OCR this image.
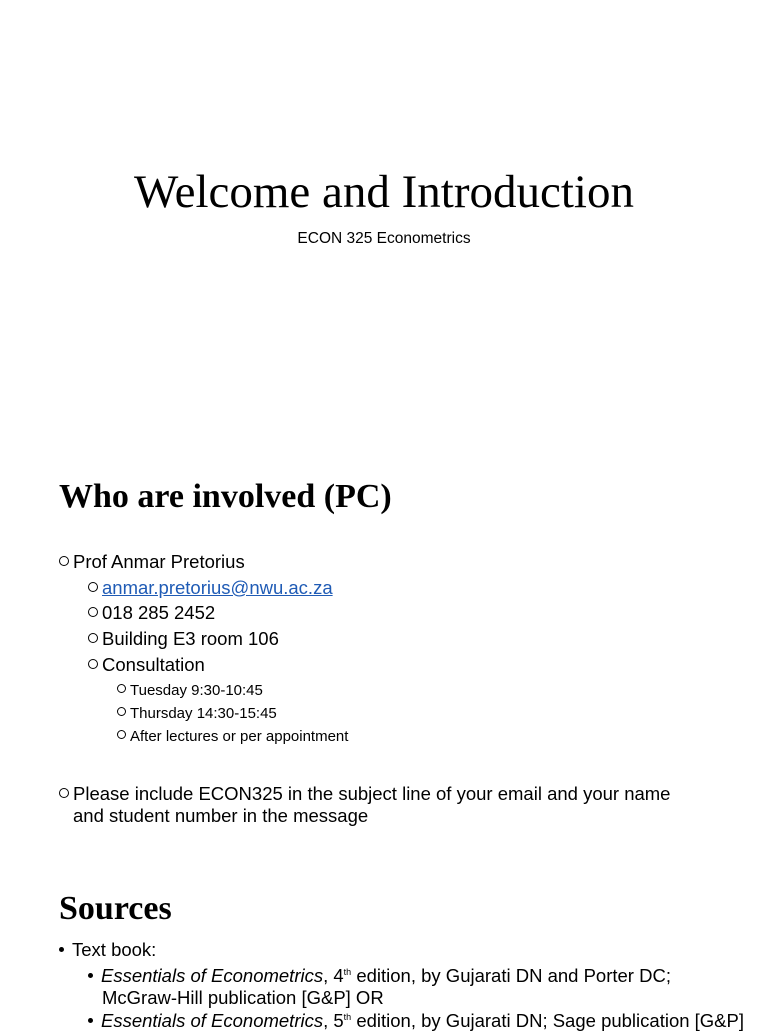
Welcome and Introduction
ECON 325 Econometrics
Who are involved (PC)
Prof Anmar Pretorius
anmar.pretorius@nwu.ac.za
018 285 2452
Building E3 room 106
Consultation
Tuesday 9:30-10:45
Thursday 14:30-15:45
After lectures or per appointment
Please include ECON325 in the subject line of your email and your name
and student number in the message
Sources
Text book:
Essentials of Econometrics, 4th edition, by Gujarati DN and Porter DC;
McGraw-Hill publication [G&P] OR
Essentials of Econometrics, 5th edition, by Gujarati DN; Sage publication [G&P]
